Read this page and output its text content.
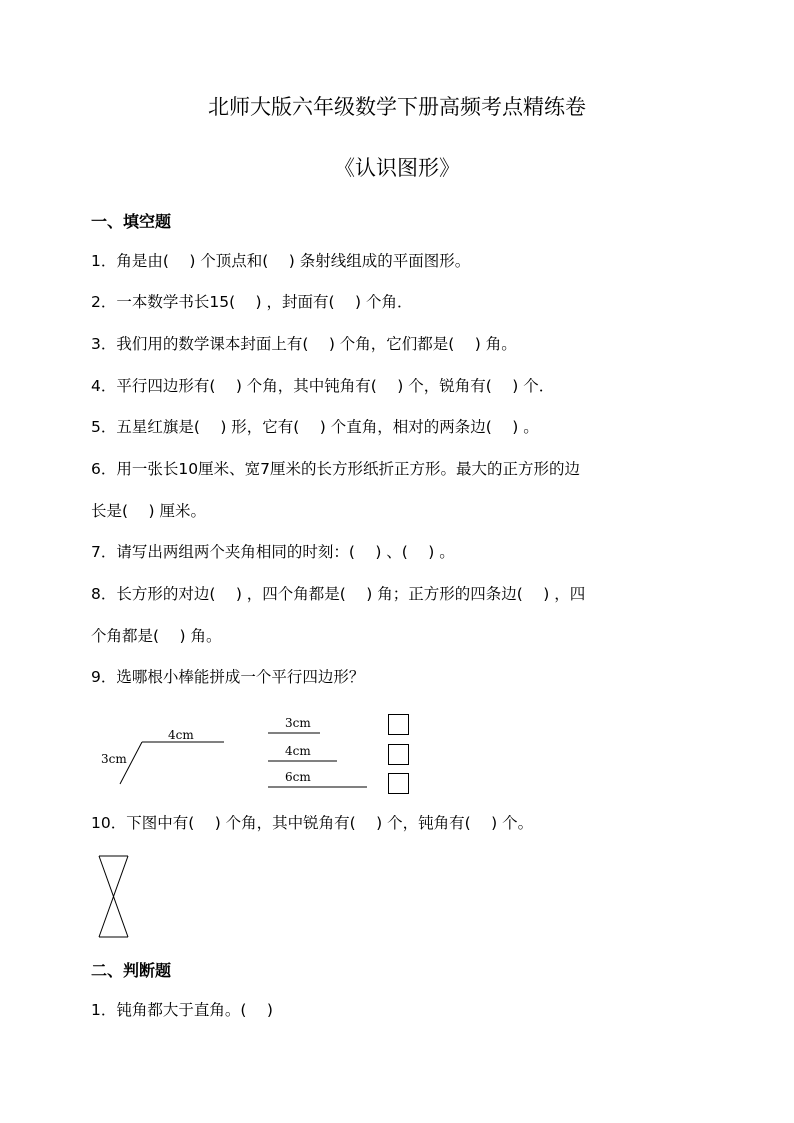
北师大版六年级数学下册高频考点精练卷
《认识图形》
一、填空题
1．角是由(　 ) 个顶点和(　 ) 条射线组成的平面图形。
2．一本数学书长15(　 ) ，封面有(　 ) 个角．
3．我们用的数学课本封面上有(　 ) 个角，它们都是(　 ) 角。
4．平行四边形有(　 ) 个角，其中钝角有(　 ) 个，锐角有(　 ) 个．
5．五星红旗是(　 ) 形，它有(　 ) 个直角，相对的两条边(　 ) 。
6．用一张长10厘米、宽7厘米的长方形纸折正方形。最大的正方形的边
长是(　 ) 厘米。
7．请写出两组两个夹角相同的时刻：(　 ) 、(　 ) 。
8．长方形的对边(　 ) ，四个角都是(　 ) 角；正方形的四条边(　 ) ，四
个角都是(　 ) 角。
9．选哪根小棒能拼成一个平行四边形？
4cm
3cm
3cm
4cm
6cm
10．下图中有(　 ) 个角，其中锐角有(　 ) 个，钝角有(　 ) 个。
二、判断题
1．钝角都大于直角。(　 )
